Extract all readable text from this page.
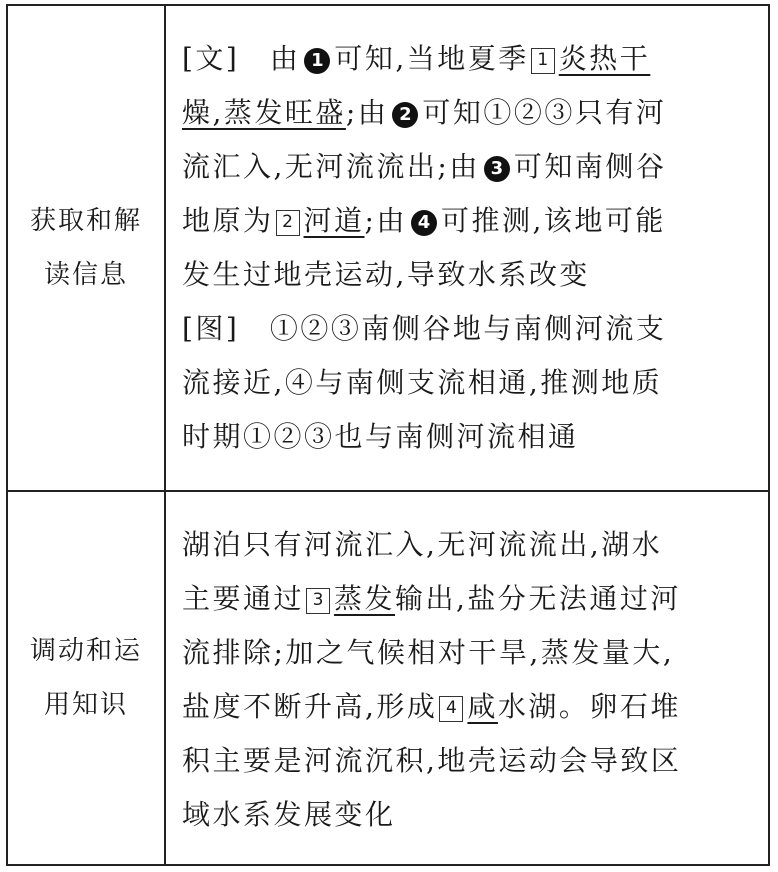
获取和解
读信息
[文]　由 1 可知,当地夏季 1 炎热干
燥,蒸发旺盛;由 2 可知①②③只有河
流汇入,无河流流出;由 3 可知南侧谷
地原为 2 河道;由 4 可推测,该地可能
发生过地壳运动,导致水系改变
[图]　①②③南侧谷地与南侧河流支
流接近,④与南侧支流相通,推测地质
时期①②③也与南侧河流相通
调动和运
用知识
湖泊只有河流汇入,无河流流出,湖水
主要通过 3 蒸发输出,盐分无法通过河
流排除;加之气候相对干旱,蒸发量大,
盐度不断升高,形成 4 咸水湖。卵石堆
积主要是河流沉积,地壳运动会导致区
域水系发展变化
